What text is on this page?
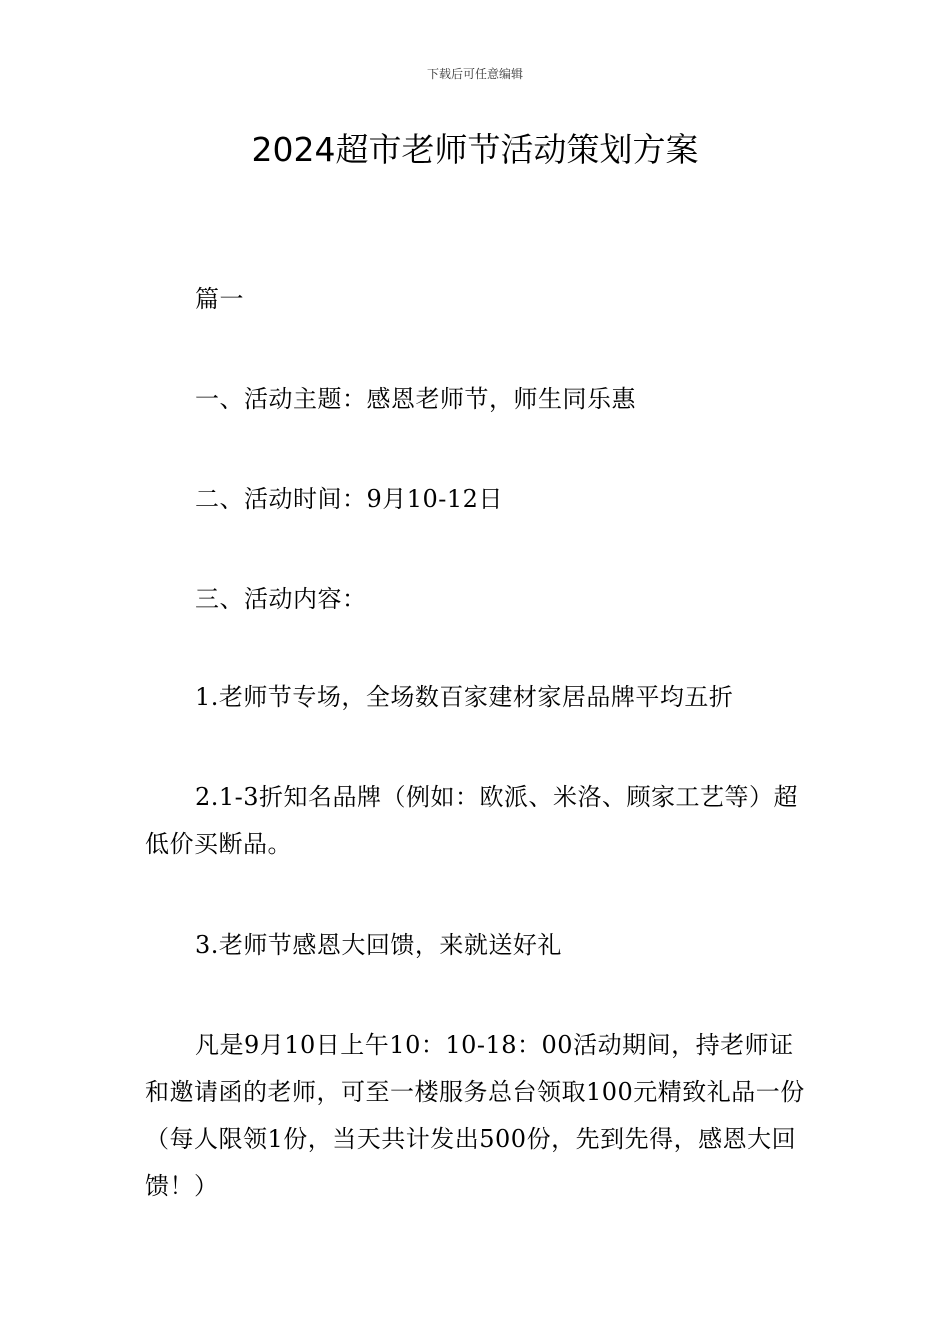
下载后可任意编辑
2024超市老师节活动策划方案

篇一

一、活动主题：感恩老师节，师生同乐惠

二、活动时间：9月10-12日

三、活动内容：

1.老师节专场，全场数百家建材家居品牌平均五折

2.1-3折知名品牌（例如：欧派、米洛、顾家工艺等）超低价买断品。

3.老师节感恩大回馈，来就送好礼

凡是9月10日上午10：10-18：00活动期间，持老师证和邀请函的老师，可至一楼服务总台领取100元精致礼品一份（每人限领1份，当天共计发出500份，先到先得，感恩大回馈！）
